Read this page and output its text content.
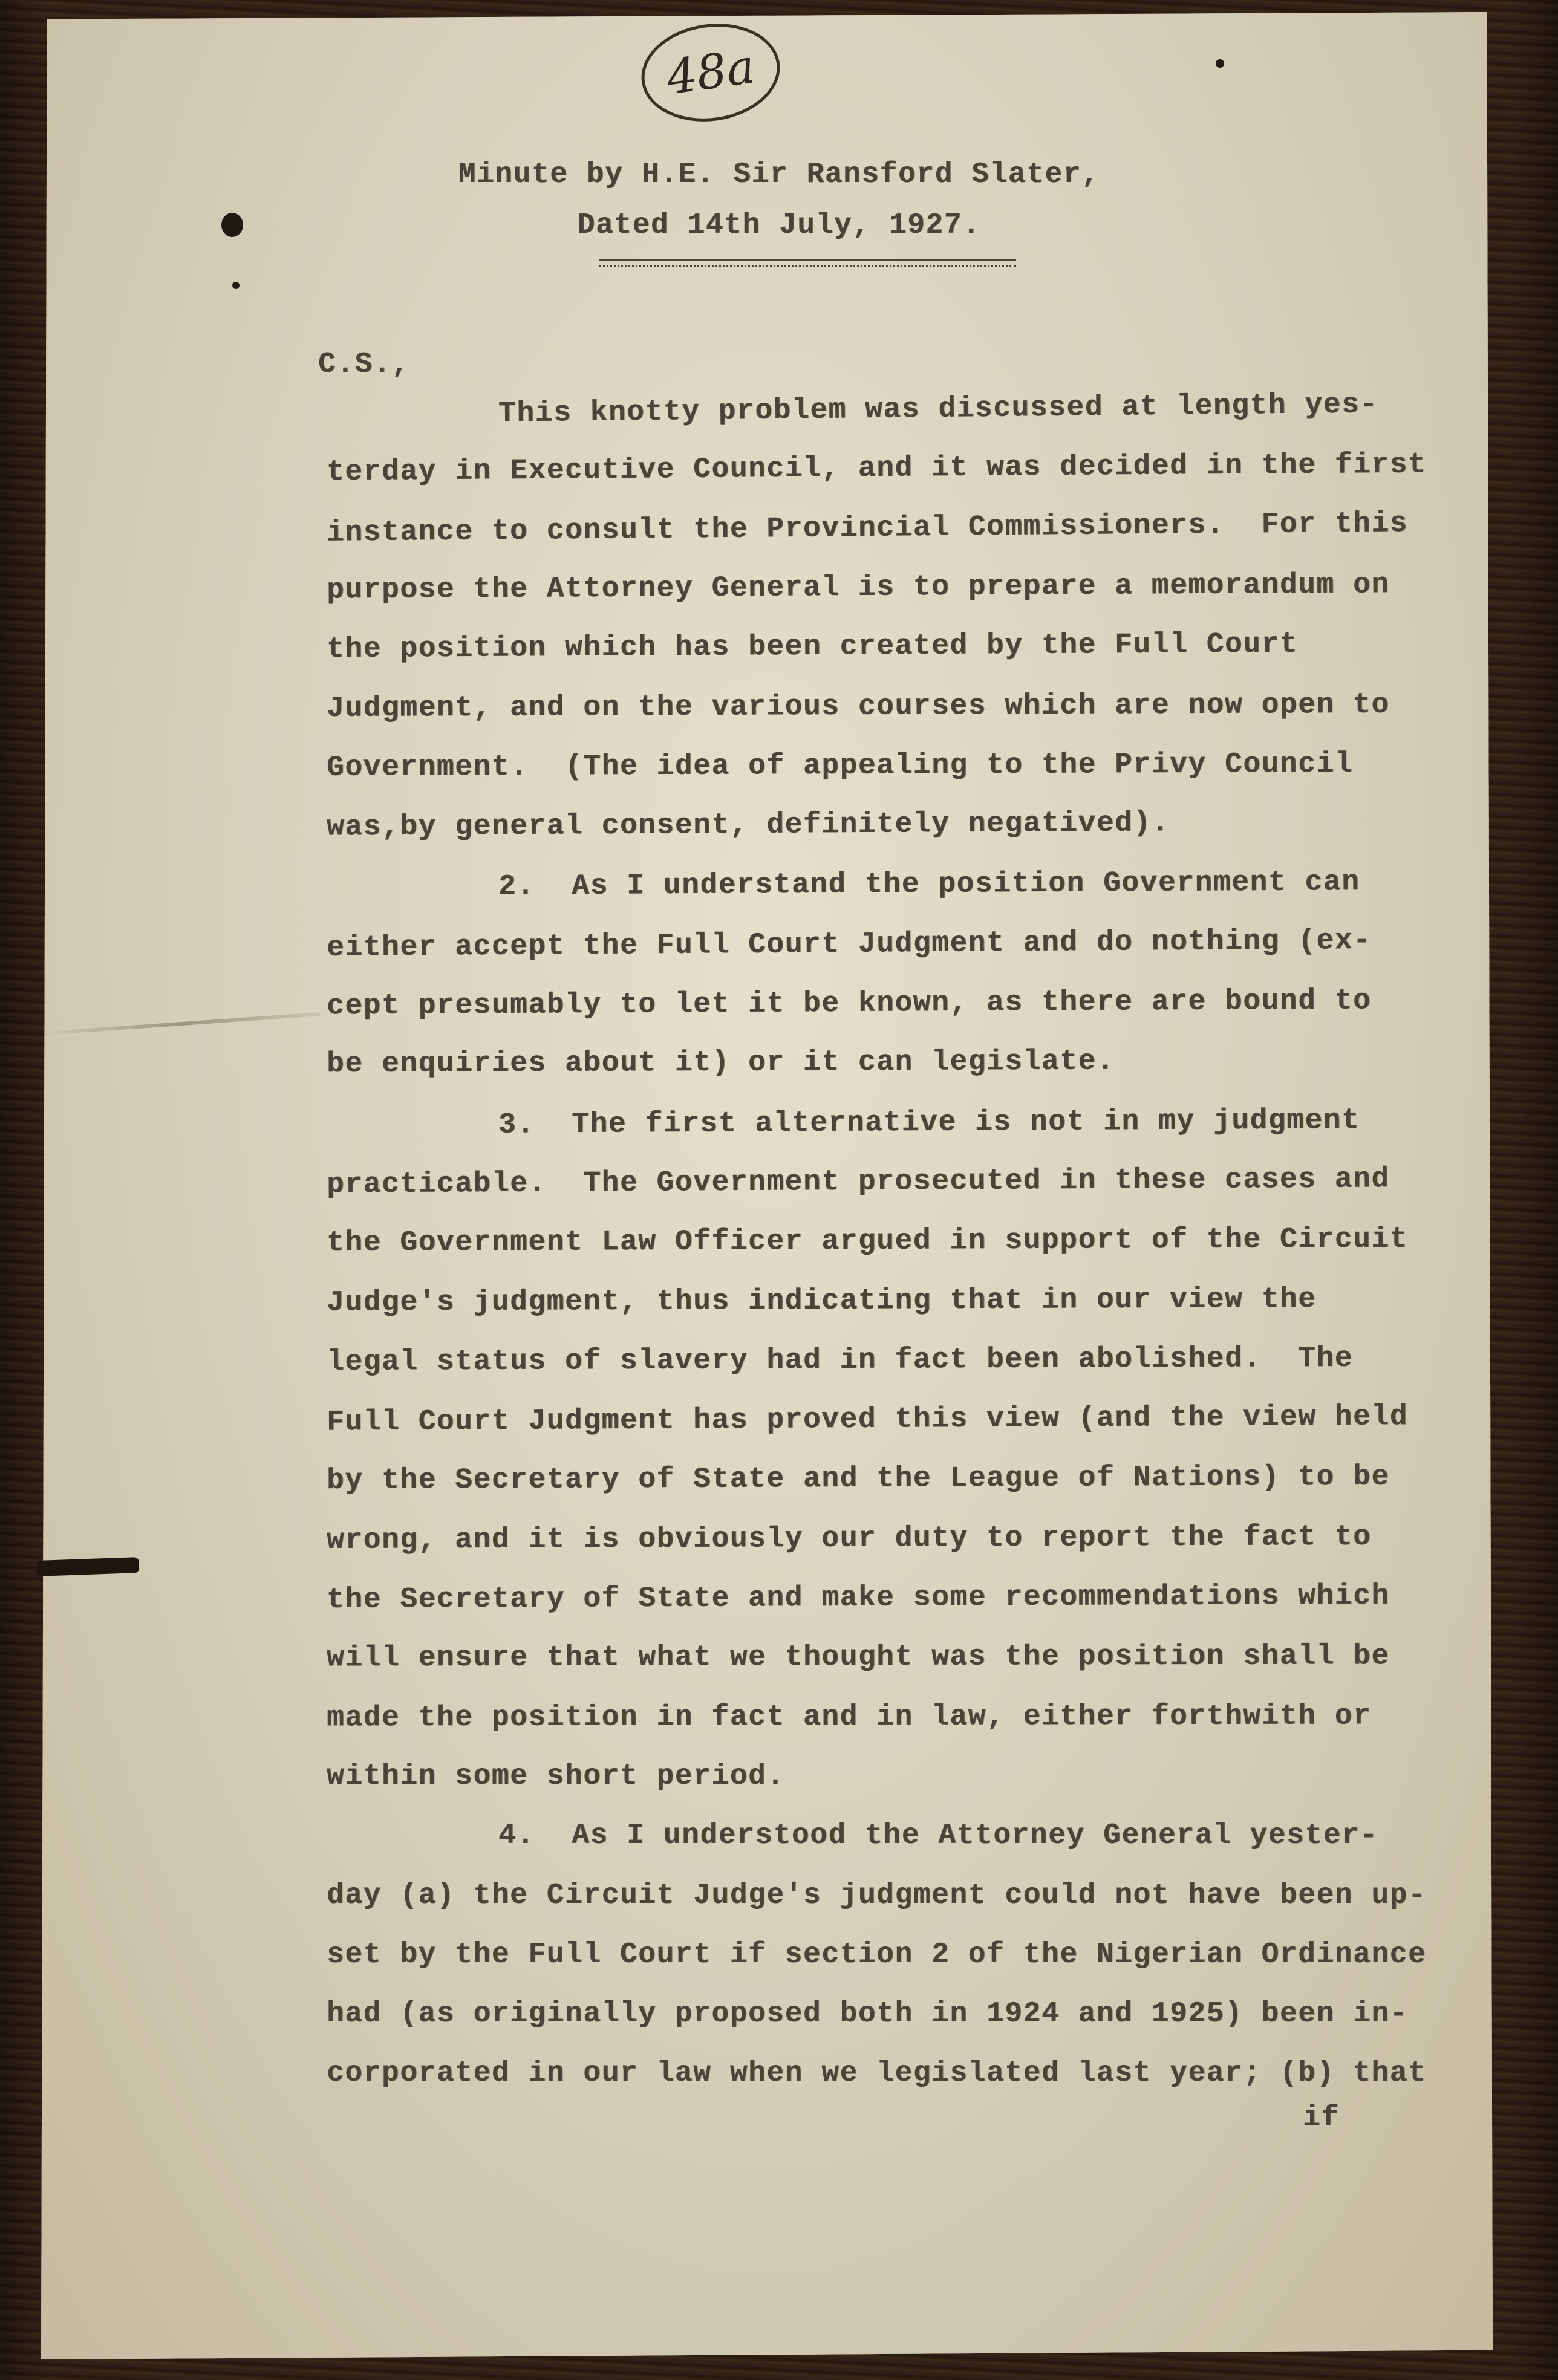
48a
Minute by H.E. Sir Ransford Slater,
Dated 14th July, 1927.
C.S.,
This knotty problem was discussed at length yes-
terday in Executive Council, and it was decided in the first
instance to consult the Provincial Commissioners.  For this
purpose the Attorney General is to prepare a memorandum on
the position which has been created by the Full Court
Judgment, and on the various courses which are now open to
Government.  (The idea of appealing to the Privy Council
was,by general consent, definitely negatived).
2.  As I understand the position Government can
either accept the Full Court Judgment and do nothing (ex-
cept presumably to let it be known, as there are bound to
be enquiries about it) or it can legislate.
3.  The first alternative is not in my judgment
practicable.  The Government prosecuted in these cases and
the Government Law Officer argued in support of the Circuit
Judge's judgment, thus indicating that in our view the
legal status of slavery had in fact been abolished.  The
Full Court Judgment has proved this view (and the view held
by the Secretary of State and the League of Nations) to be
wrong, and it is obviously our duty to report the fact to
the Secretary of State and make some recommendations which
will ensure that what we thought was the position shall be
made the position in fact and in law, either forthwith or
within some short period.
4.  As I understood the Attorney General yester-
day (a) the Circuit Judge's judgment could not have been up-
set by the Full Court if section 2 of the Nigerian Ordinance
had (as originally proposed both in 1924 and 1925) been in-
corporated in our law when we legislated last year; (b) that
if
